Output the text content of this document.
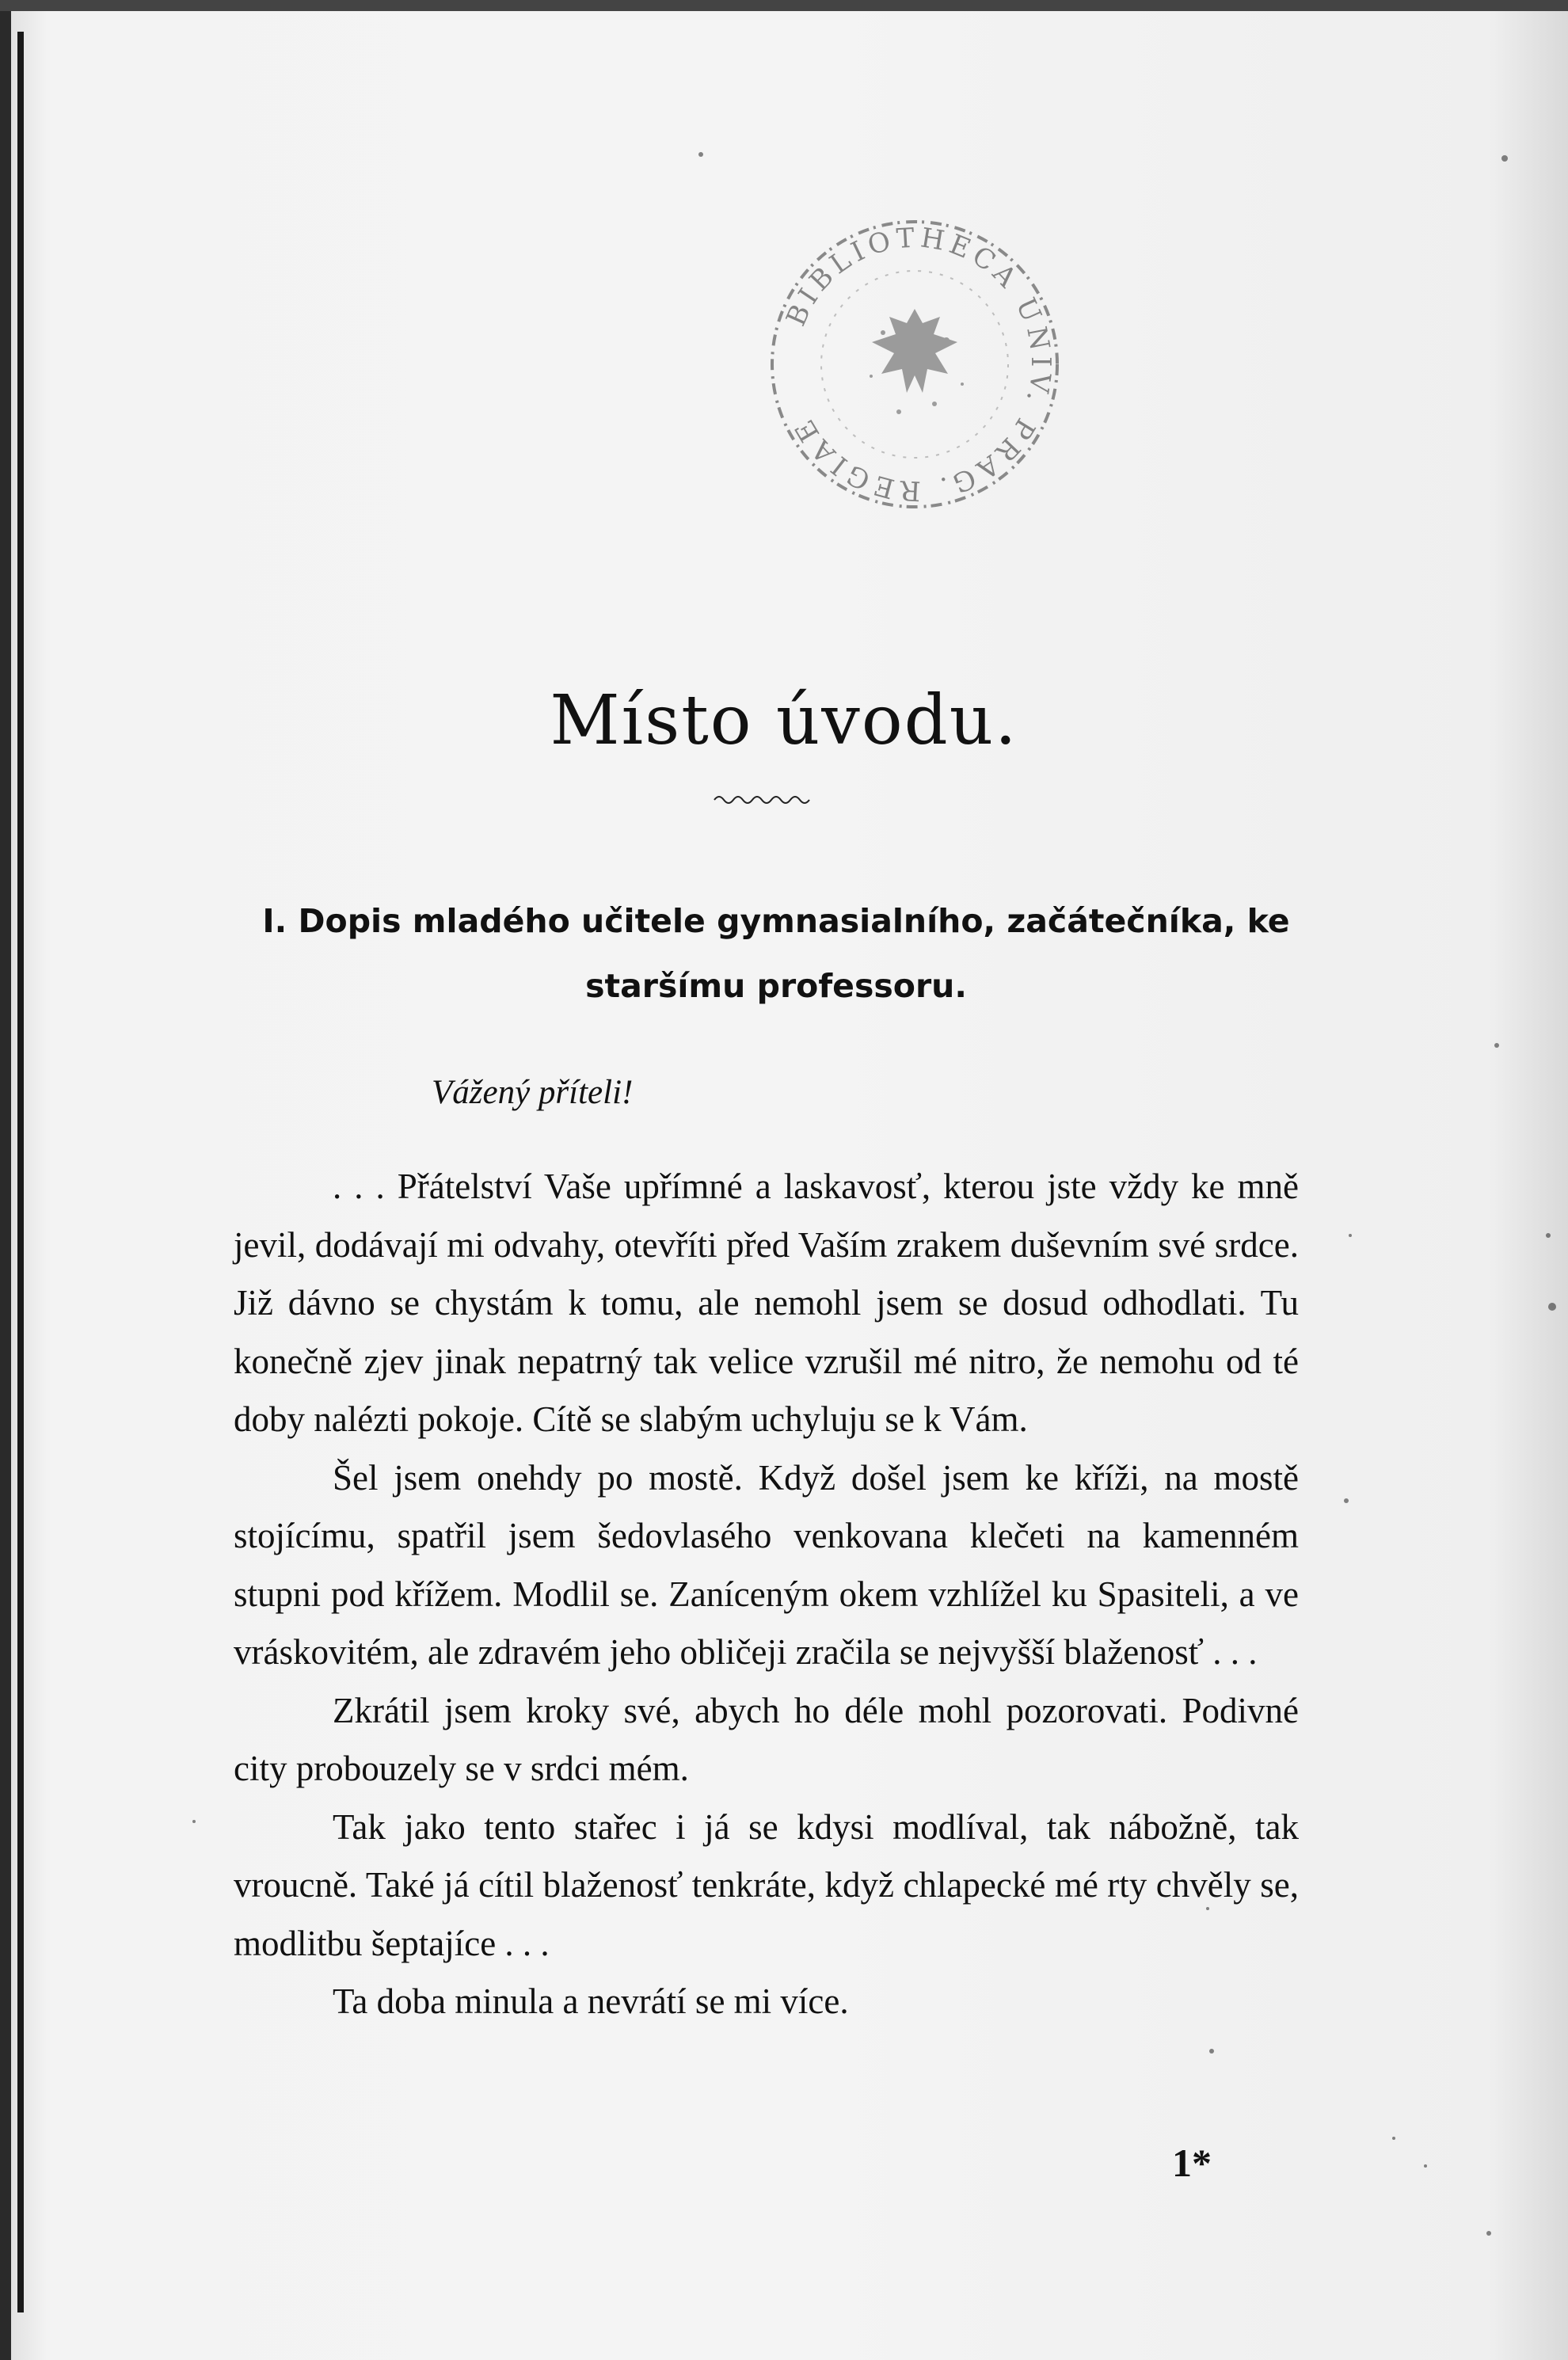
BIBLIOTHECA UNIV. PRAG. REGIAE
Místo úvodu.
I. Dopis mladého učitele gymnasialního, začátečníka, ke
staršímu professoru.
Vážený příteli!

. . . Přátelství Vaše upřímné a laskavosť, kterou jste vždy ke mně jevil, dodávají mi odvahy, otevříti před Vaším zrakem duševním své srdce. Již dávno se chystám k tomu, ale nemohl jsem se dosud odhodlati. Tu konečně zjev jinak nepatrný tak velice vzrušil mé nitro, že nemohu od té doby nalézti pokoje. Cítě se slabým uchyluju se k Vám.

Šel jsem onehdy po mostě. Když došel jsem ke kříži, na mostě stojícímu, spatřil jsem šedovlasého venkovana klečeti na kamenném stupni pod křížem. Modlil se. Zaníceným okem vzhlížel ku Spasiteli, a ve vráskovitém, ale zdravém jeho obličeji zračila se nejvyšší blaženosť . . .

Zkrátil jsem kroky své, abych ho déle mohl pozorovati. Podivné city probouzely se v srdci mém.

Tak jako tento stařec i já se kdysi modlíval, tak nábožně, tak vroucně. Také já cítil blaženosť tenkráte, když chlapecké mé rty chvěly se, modlitbu šeptajíce . . .

Ta doba minula a nevrátí se mi více.

1*
